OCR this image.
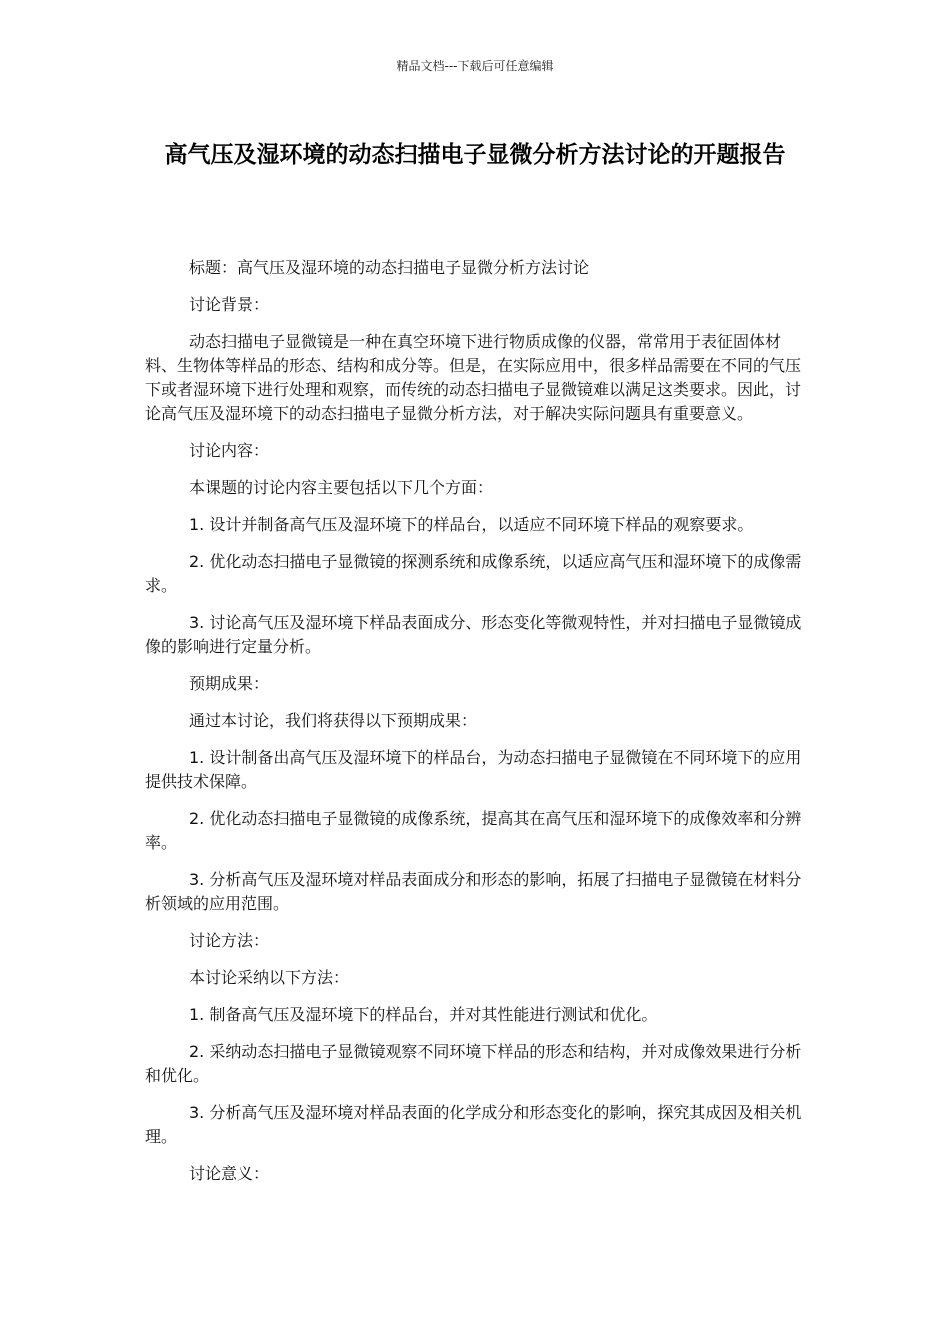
精品文档---下载后可任意编辑
高气压及湿环境的动态扫描电子显微分析方法讨论的开题报告

标题：高气压及湿环境的动态扫描电子显微分析方法讨论

讨论背景：

动态扫描电子显微镜是一种在真空环境下进行物质成像的仪器，常常用于表征固体材料、生物体等样品的形态、结构和成分等。但是，在实际应用中，很多样品需要在不同的气压下或者湿环境下进行处理和观察，而传统的动态扫描电子显微镜难以满足这类要求。因此，讨论高气压及湿环境下的动态扫描电子显微分析方法，对于解决实际问题具有重要意义。

讨论内容：

本课题的讨论内容主要包括以下几个方面：

1. 设计并制备高气压及湿环境下的样品台，以适应不同环境下样品的观察要求。

2. 优化动态扫描电子显微镜的探测系统和成像系统，以适应高气压和湿环境下的成像需求。

3. 讨论高气压及湿环境下样品表面成分、形态变化等微观特性，并对扫描电子显微镜成像的影响进行定量分析。

预期成果：

通过本讨论，我们将获得以下预期成果：

1. 设计制备出高气压及湿环境下的样品台，为动态扫描电子显微镜在不同环境下的应用提供技术保障。

2. 优化动态扫描电子显微镜的成像系统，提高其在高气压和湿环境下的成像效率和分辨率。

3. 分析高气压及湿环境对样品表面成分和形态的影响，拓展了扫描电子显微镜在材料分析领域的应用范围。

讨论方法：

本讨论采纳以下方法：

1. 制备高气压及湿环境下的样品台，并对其性能进行测试和优化。

2. 采纳动态扫描电子显微镜观察不同环境下样品的形态和结构，并对成像效果进行分析和优化。

3. 分析高气压及湿环境对样品表面的化学成分和形态变化的影响，探究其成因及相关机理。

讨论意义：
